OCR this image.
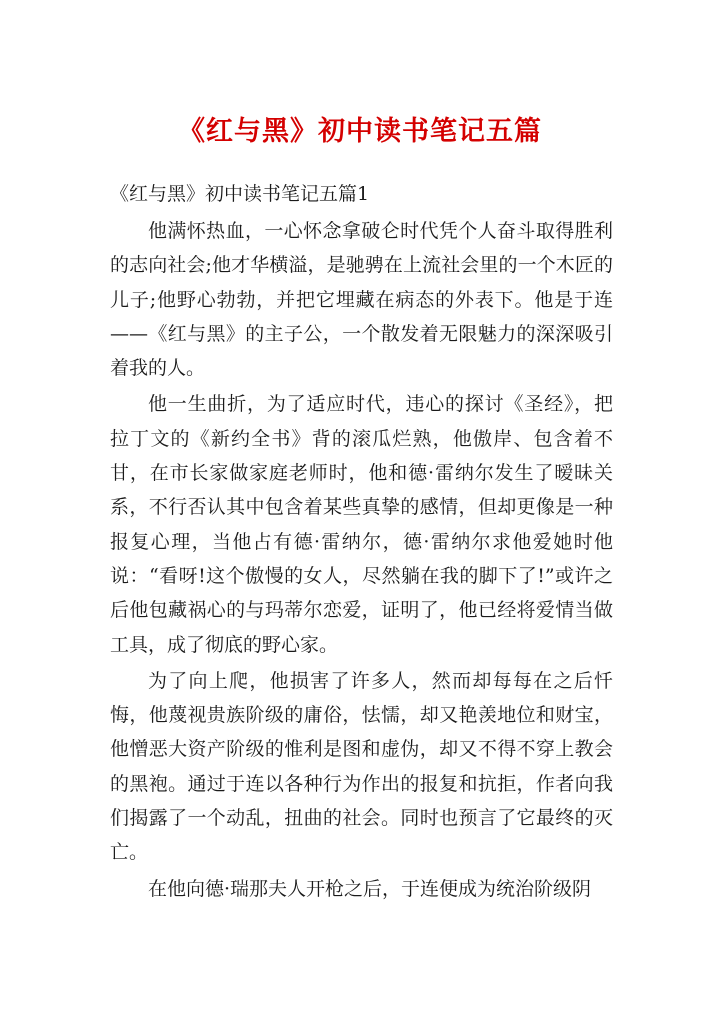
《红与黑》初中读书笔记五篇
《红与黑》初中读书笔记五篇1

他满怀热血，一心怀念拿破仑时代凭个人奋斗取得胜利的志向社会;他才华横溢，是驰骋在上流社会里的一个木匠的儿子;他野心勃勃，并把它埋藏在病态的外表下。他是于连——《红与黑》的主子公，一个散发着无限魅力的深深吸引着我的人。

他一生曲折，为了适应时代，违心的探讨《圣经》，把拉丁文的《新约全书》背的滚瓜烂熟，他傲岸、包含着不甘，在市长家做家庭老师时，他和德·雷纳尔发生了暧昧关系，不行否认其中包含着某些真挚的感情，但却更像是一种报复心理，当他占有德·雷纳尔，德·雷纳尔求他爱她时他说：“看呀!这个傲慢的女人，尽然躺在我的脚下了!”或许之后他包藏祸心的与玛蒂尔恋爱，证明了，他已经将爱情当做工具，成了彻底的野心家。

为了向上爬，他损害了许多人，然而却每每在之后忏悔，他蔑视贵族阶级的庸俗，怯懦，却又艳羡地位和财宝，他憎恶大资产阶级的惟利是图和虚伪，却又不得不穿上教会的黑袍。通过于连以各种行为作出的报复和抗拒，作者向我们揭露了一个动乱，扭曲的社会。同时也预言了它最终的灭亡。

在他向德·瑞那夫人开枪之后，于连便成为统治阶级阴
